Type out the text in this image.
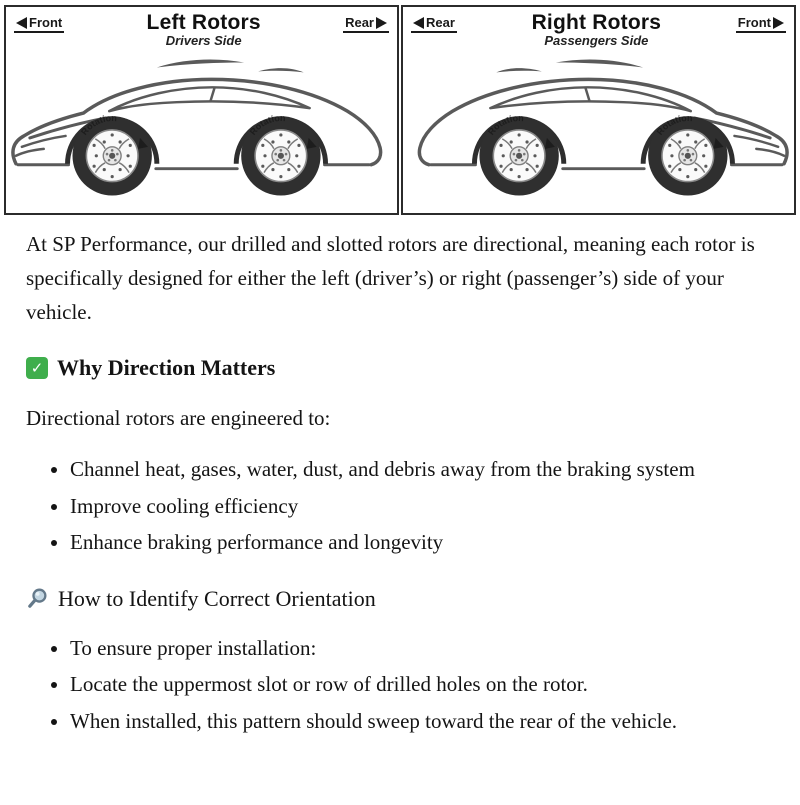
Front	Left Rotors
Drivers Side
Rear	Rear	Right Rotors
Passengers Side
Front

At SP Performance, our drilled and slotted rotors are directional, meaning each rotor is specifically designed for either the left (driver’s) or right (passenger’s) side of your vehicle.

✓ Why Direction Matters

Directional rotors are engineered to:

• Channel heat, gases, water, dust, and debris away from the braking system
• Improve cooling efficiency
• Enhance braking performance and longevity
How to Identify Correct Orientation
• To ensure proper installation:
• Locate the uppermost slot or row of drilled holes on the rotor.
• When installed, this pattern should sweep toward the rear of the vehicle.
